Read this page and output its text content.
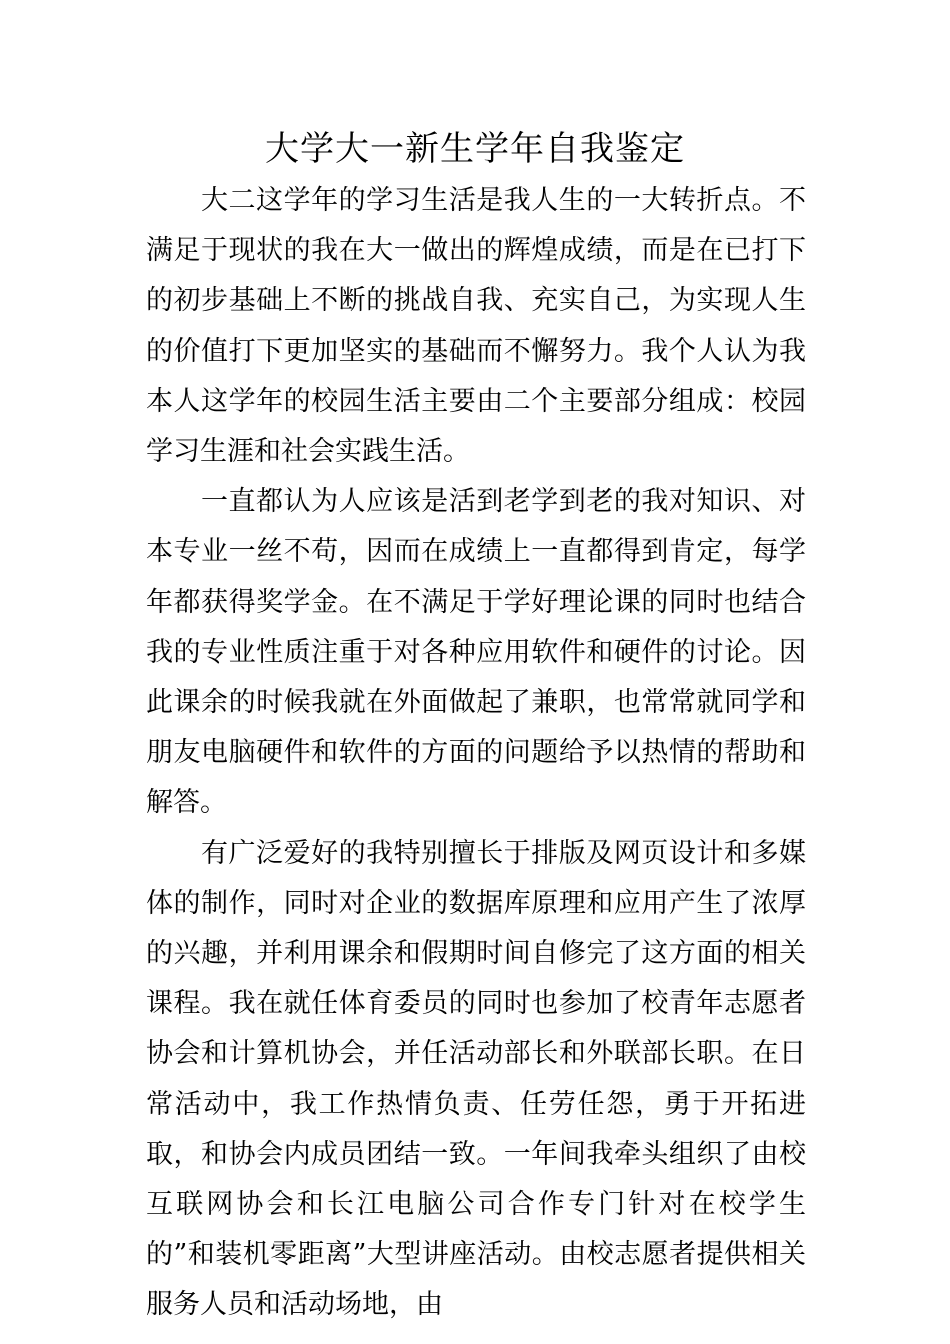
大学大一新生学年自我鉴定

大二这学年的学习生活是我人生的一大转折点。不满足于现状的我在大一做出的辉煌成绩，而是在已打下的初步基础上不断的挑战自我、充实自己，为实现人生的价值打下更加坚实的基础而不懈努力。我个人认为我本人这学年的校园生活主要由二个主要部分组成：校园学习生涯和社会实践生活。

一直都认为人应该是活到老学到老的我对知识、对本专业一丝不苟，因而在成绩上一直都得到肯定，每学年都获得奖学金。在不满足于学好理论课的同时也结合我的专业性质注重于对各种应用软件和硬件的讨论。因此课余的时候我就在外面做起了兼职，也常常就同学和朋友电脑硬件和软件的方面的问题给予以热情的帮助和解答。

有广泛爱好的我特别擅长于排版及网页设计和多媒体的制作，同时对企业的数据库原理和应用产生了浓厚的兴趣，并利用课余和假期时间自修完了这方面的相关课程。我在就任体育委员的同时也参加了校青年志愿者协会和计算机协会，并任活动部长和外联部长职。在日常活动中，我工作热情负责、任劳任怨，勇于开拓进取，和协会内成员团结一致。一年间我牵头组织了由校互联网协会和长江电脑公司合作专门针对在校学生的”和装机零距离”大型讲座活动。由校志愿者提供相关服务人员和活动场地，由
